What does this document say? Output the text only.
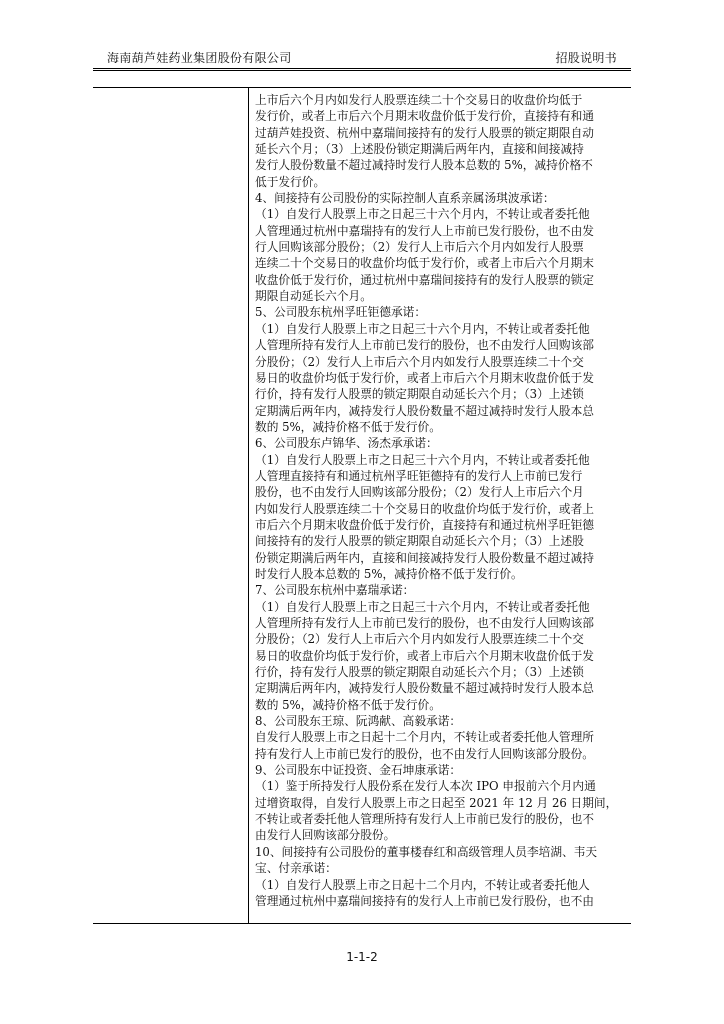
海南葫芦娃药业集团股份有限公司	招股说明书
上市后六个月内如发行人股票连续二十个交易日的收盘价均低于
发行价，或者上市后六个月期末收盘价低于发行价，直接持有和通
过葫芦娃投资、杭州中嘉瑞间接持有的发行人股票的锁定期限自动
延长六个月；（3）上述股份锁定期满后两年内，直接和间接减持
发行人股份数量不超过减持时发行人股本总数的 5%，减持价格不
低于发行价。
4、间接持有公司股份的实际控制人直系亲属汤琪波承诺：
（1）自发行人股票上市之日起三十六个月内，不转让或者委托他
人管理通过杭州中嘉瑞持有的发行人上市前已发行股份，也不由发
行人回购该部分股份；（2）发行人上市后六个月内如发行人股票
连续二十个交易日的收盘价均低于发行价，或者上市后六个月期末
收盘价低于发行价，通过杭州中嘉瑞间接持有的发行人股票的锁定
期限自动延长六个月。
5、公司股东杭州孚旺钜德承诺：
（1）自发行人股票上市之日起三十六个月内，不转让或者委托他
人管理所持有发行人上市前已发行的股份，也不由发行人回购该部
分股份；（2）发行人上市后六个月内如发行人股票连续二十个交
易日的收盘价均低于发行价，或者上市后六个月期末收盘价低于发
行价，持有发行人股票的锁定期限自动延长六个月；（3）上述锁
定期满后两年内，减持发行人股份数量不超过减持时发行人股本总
数的 5%，减持价格不低于发行价。
6、公司股东卢锦华、汤杰承承诺：
（1）自发行人股票上市之日起三十六个月内，不转让或者委托他
人管理直接持有和通过杭州孚旺钜德持有的发行人上市前已发行
股份，也不由发行人回购该部分股份；（2）发行人上市后六个月
内如发行人股票连续二十个交易日的收盘价均低于发行价，或者上
市后六个月期末收盘价低于发行价，直接持有和通过杭州孚旺钜德
间接持有的发行人股票的锁定期限自动延长六个月；（3）上述股
份锁定期满后两年内，直接和间接减持发行人股份数量不超过减持
时发行人股本总数的 5%，减持价格不低于发行价。
7、公司股东杭州中嘉瑞承诺：
（1）自发行人股票上市之日起三十六个月内，不转让或者委托他
人管理所持有发行人上市前已发行的股份，也不由发行人回购该部
分股份；（2）发行人上市后六个月内如发行人股票连续二十个交
易日的收盘价均低于发行价，或者上市后六个月期末收盘价低于发
行价，持有发行人股票的锁定期限自动延长六个月；（3）上述锁
定期满后两年内，减持发行人股份数量不超过减持时发行人股本总
数的 5%，减持价格不低于发行价。
8、公司股东王琼、阮鸿献、高毅承诺：
自发行人股票上市之日起十二个月内，不转让或者委托他人管理所
持有发行人上市前已发行的股份，也不由发行人回购该部分股份。
9、公司股东中证投资、金石坤康承诺：
（1）鉴于所持发行人股份系在发行人本次 IPO 申报前六个月内通
过增资取得，自发行人股票上市之日起至 2021 年 12 月 26 日期间，
不转让或者委托他人管理所持有发行人上市前已发行的股份，也不
由发行人回购该部分股份。
10、间接持有公司股份的董事楼春红和高级管理人员李培湖、韦天
宝、付亲承诺：
（1）自发行人股票上市之日起十二个月内，不转让或者委托他人
管理通过杭州中嘉瑞间接持有的发行人上市前已发行股份，也不由
1-1-2
